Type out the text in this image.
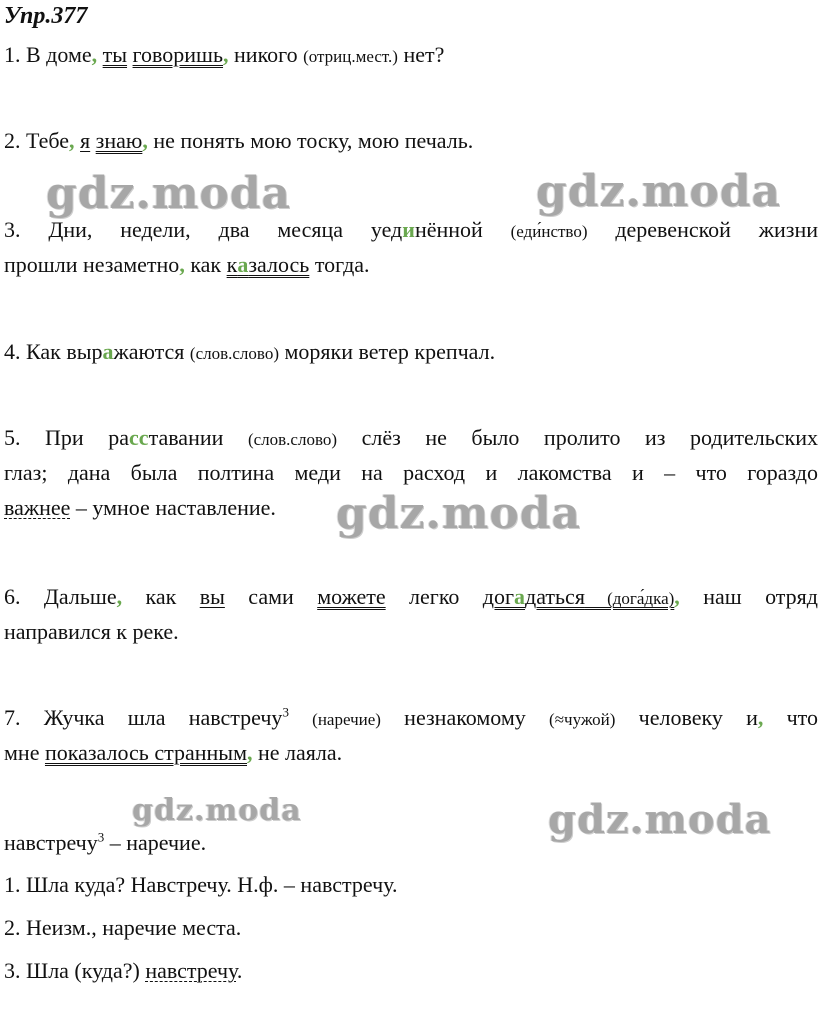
Упр.377
1. В доме, ты говоришь, никого (отриц.мест.) нет?
2. Тебе, я знаю, не понять мою тоску, мою печаль.
3. Дни, недели, два месяца уединённой (еди́нство) деревенской жизни
прошли незаметно, как казалось тогда.
4. Как выражаются (слов.слово) моряки ветер крепчал.
5. При расставании (слов.слово) слёз не было пролито из родительских
глаз; дана была полтина меди на расход и лакомства и – что гораздо
важнее – умное наставление.
6. Дальше, как вы сами можете легко догадаться (дога́дка), наш отряд
направился к реке.
7. Жучка шла навстречу$^3$ (наречие) незнакомому (≈чужой) человеку и, что
мне показалось странным, не лаяла.
навстречу$^3$ – наречие.
1. Шла куда? Навстречу. Н.ф. – навстречу.
2. Неизм., наречие места.
3. Шла (куда?) навстречу.
gdz.moda	gdz.moda
gdz.moda
gdz.moda	gdz.moda
